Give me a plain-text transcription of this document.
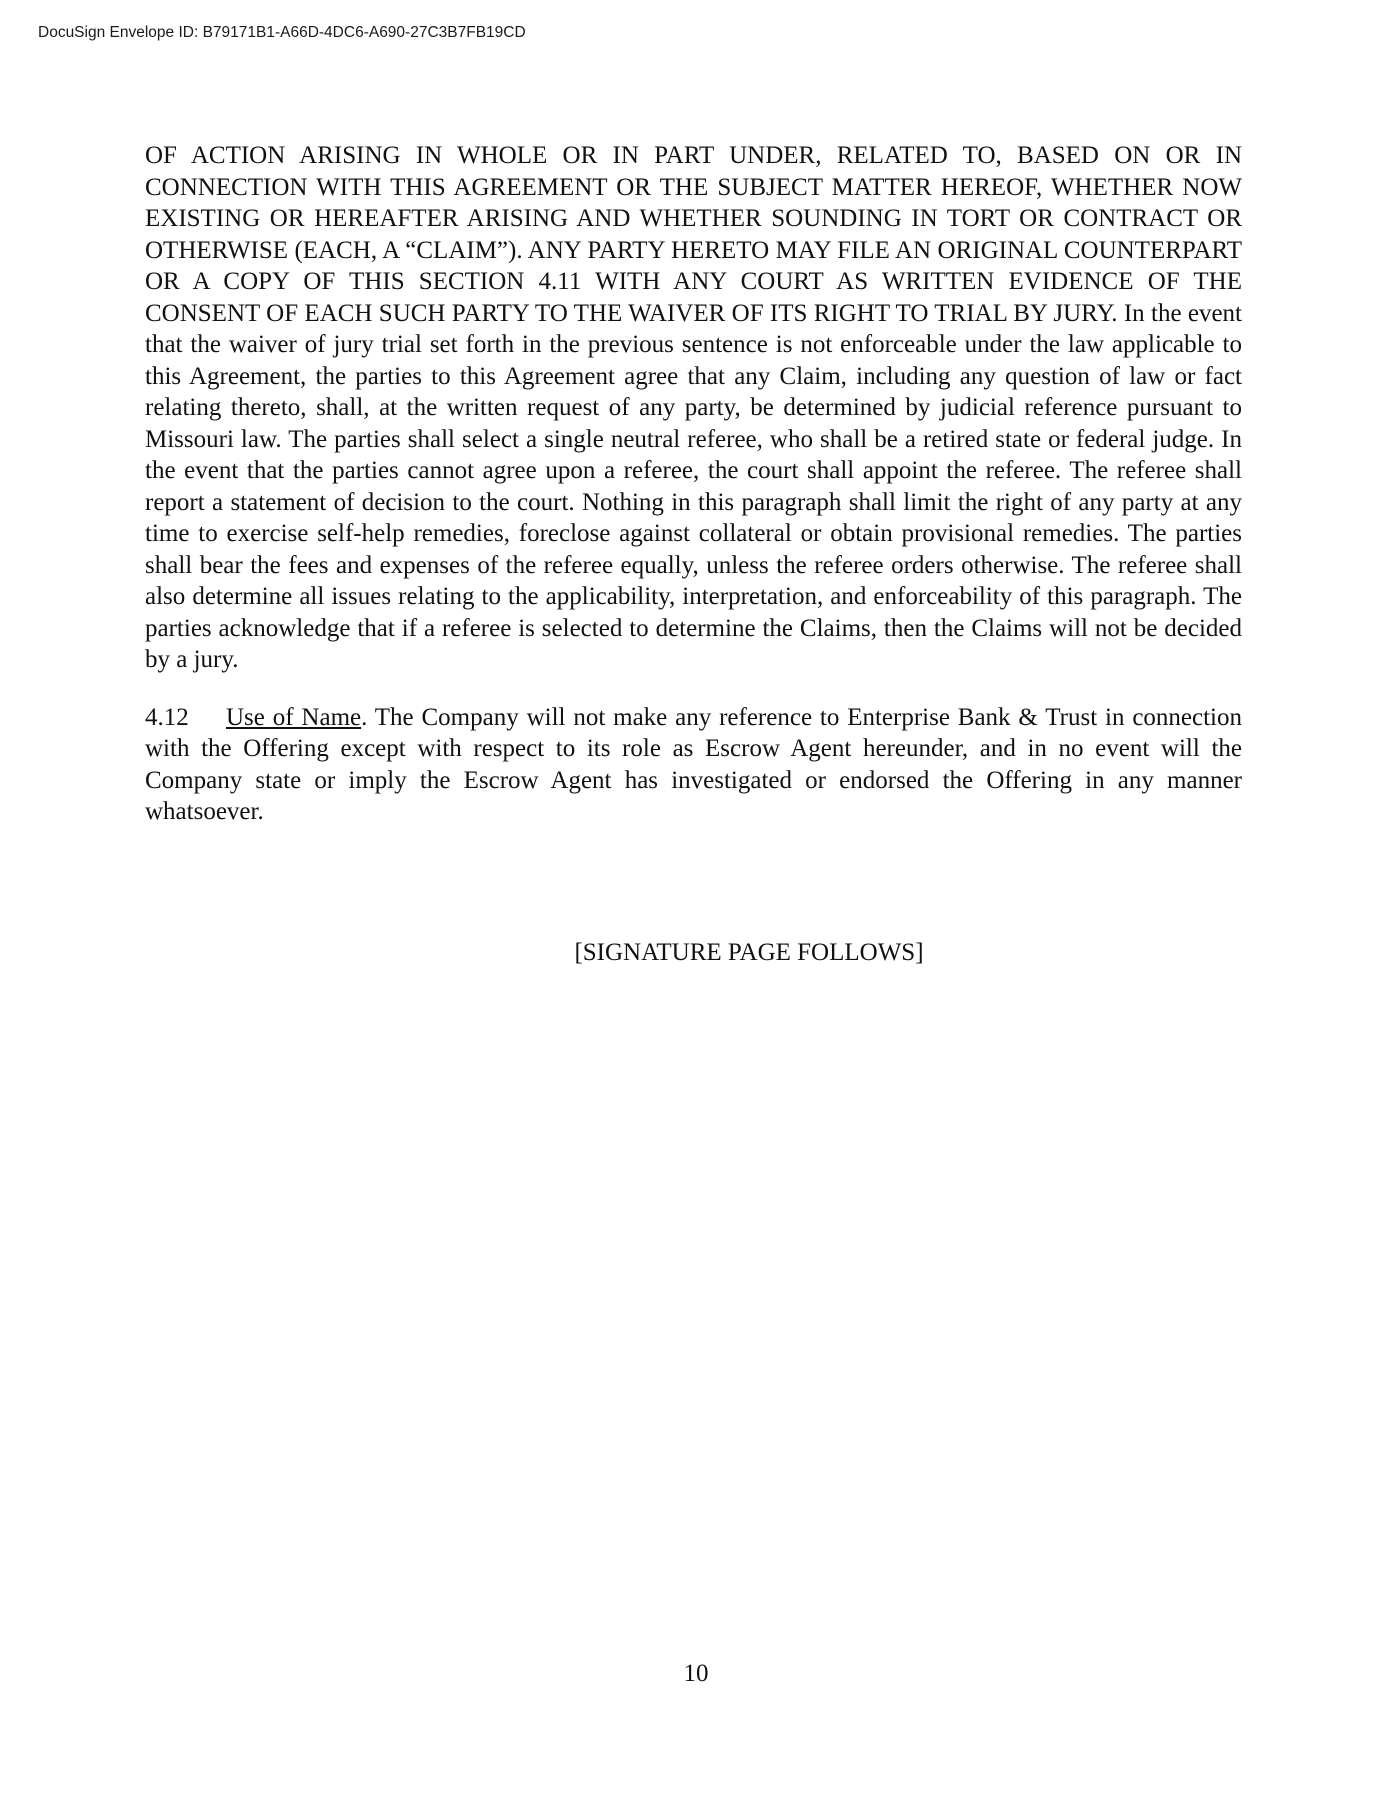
DocuSign Envelope ID: B79171B1-A66D-4DC6-A690-27C3B7FB19CD

OF ACTION ARISING IN WHOLE OR IN PART UNDER, RELATED TO, BASED ON OR IN CONNECTION WITH THIS AGREEMENT OR THE SUBJECT MATTER HEREOF, WHETHER NOW EXISTING OR HEREAFTER ARISING AND WHETHER SOUNDING IN TORT OR CONTRACT OR OTHERWISE (EACH, A “CLAIM”). ANY PARTY HERETO MAY FILE AN ORIGINAL COUNTERPART OR A COPY OF THIS SECTION 4.11 WITH ANY COURT AS WRITTEN EVIDENCE OF THE CONSENT OF EACH SUCH PARTY TO THE WAIVER OF ITS RIGHT TO TRIAL BY JURY. In the event that the waiver of jury trial set forth in the previous sentence is not enforceable under the law applicable to this Agreement, the parties to this Agreement agree that any Claim, including any question of law or fact relating thereto, shall, at the written request of any party, be determined by judicial reference pursuant to Missouri law. The parties shall select a single neutral referee, who shall be a retired state or federal judge. In the event that the parties cannot agree upon a referee, the court shall appoint the referee. The referee shall report a statement of decision to the court. Nothing in this paragraph shall limit the right of any party at any time to exercise self-help remedies, foreclose against collateral or obtain provisional remedies. The parties shall bear the fees and expenses of the referee equally, unless the referee orders otherwise. The referee shall also determine all issues relating to the applicability, interpretation, and enforceability of this paragraph. The parties acknowledge that if a referee is selected to determine the Claims, then the Claims will not be decided by a jury.

4.12 Use of Name. The Company will not make any reference to Enterprise Bank & Trust in connection with the Offering except with respect to its role as Escrow Agent hereunder, and in no event will the Company state or imply the Escrow Agent has investigated or endorsed the Offering in any manner whatsoever.

[SIGNATURE PAGE FOLLOWS]
10
